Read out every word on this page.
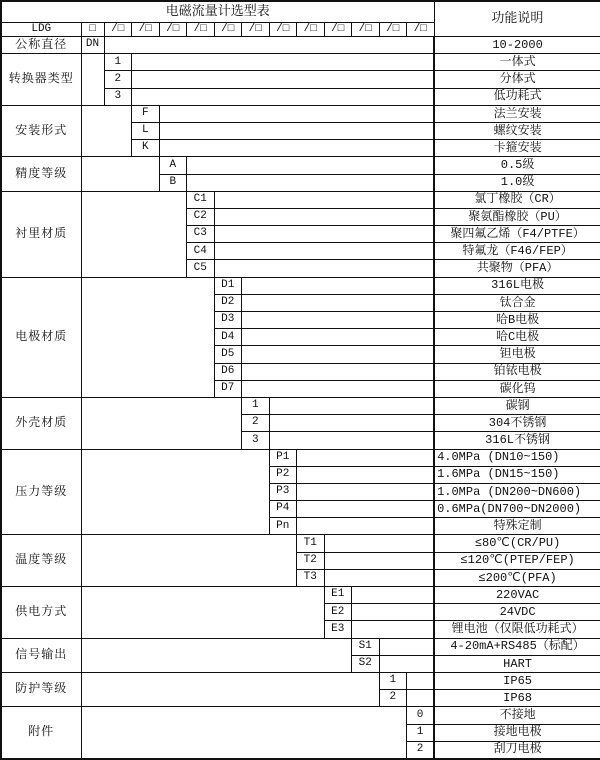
电磁流量计选型表														功能说明
LDG	□	/□	/□	/□	/□	/□	/□	/□	/□	/□	/□	/□	/□	
公称直径	DN													10-2000
转换器类型		1												一体式
		2												分体式
		3												低功耗式
安装形式			F											法兰安装
			L											螺纹安装
			K											卡箍安装
精度等级				A										0.5级
				B										1.0级
衬里材质					C1									氯丁橡胶（CR）
					C2									聚氨酯橡胶（PU）
					C3									聚四氟乙烯（F4/PTFE）
					C4									特氟龙（F46/FEP）
					C5									共聚物（PFA）
电极材质						D1								316L电极
						D2								钛合金
						D3								哈B电极
						D4								哈C电极
						D5								钽电极
						D6								铂铱电极
						D7								碳化钨
外壳材质							1							碳钢
							2							304不锈钢
							3							316L不锈钢
压力等级								P1						4.0MPa (DN10~150)
								P2						1.6MPa (DN15~150)
								P3						1.0MPa (DN200~DN600)
								P4						0.6MPa(DN700~DN2000)
								Pn						特殊定制
温度等级									T1					≤80℃(CR/PU)
									T2					≤120℃(PTEP/FEP)
									T3					≤200℃(PFA)
供电方式										E1				220VAC
										E2				24VDC
										E3				锂电池（仅限低功耗式）
信号输出											S1			4-20mA+RS485（标配）
											S2			HART
防护等级												1		IP65
												2		IP68
附件													0	不接地
													1	接地电极
													2	刮刀电极
